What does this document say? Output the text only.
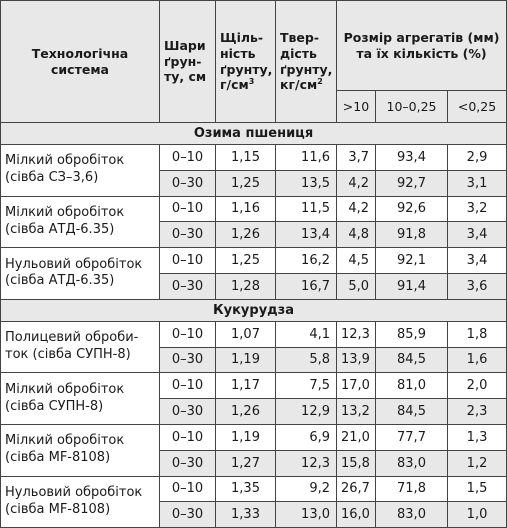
Технологічна система	Шари ґрун-ту, см	Щіль-ність ґрунту, $г/см^3$	Твер-дість ґрунту, $кг/см^2$	Розмір агрегатів (мм) та їх кількість (%)		
				>10	10–0,25	<0,25
Озима пшениця						
Мілкий обробіток (сівба СЗ–3,6)	0–10	1,15	11,6	3,7	93,4	2,9
	0–30	1,25	13,5	4,2	92,7	3,1
Мілкий обробіток (сівба АТД-6.35)	0–10	1,16	11,5	4,2	92,6	3,2
	0–30	1,26	13,4	4,8	91,8	3,4
Нульовий обробіток (сівба АТД-6.35)	0–10	1,25	16,2	4,5	92,1	3,4
	0–30	1,28	16,7	5,0	91,4	3,6
Кукурудза						
Полицевий оброби-ток (сівба СУПН-8)	0–10	1,07	4,1	12,3	85,9	1,8
	0–30	1,19	5,8	13,9	84,5	1,6
Мілкий обробіток (сівба СУПН-8)	0–10	1,17	7,5	17,0	81,0	2,0
	0–30	1,26	12,9	13,2	84,5	2,3
Мілкий обробіток (сівба MF-8108)	0–10	1,19	6,9	21,0	77,7	1,3
	0–30	1,27	12,3	15,8	83,0	1,2
Нульовий обробіток (сівба MF-8108)	0–10	1,35	9,2	26,7	71,8	1,5
	0–30	1,33	13,0	16,0	83,0	1,0
